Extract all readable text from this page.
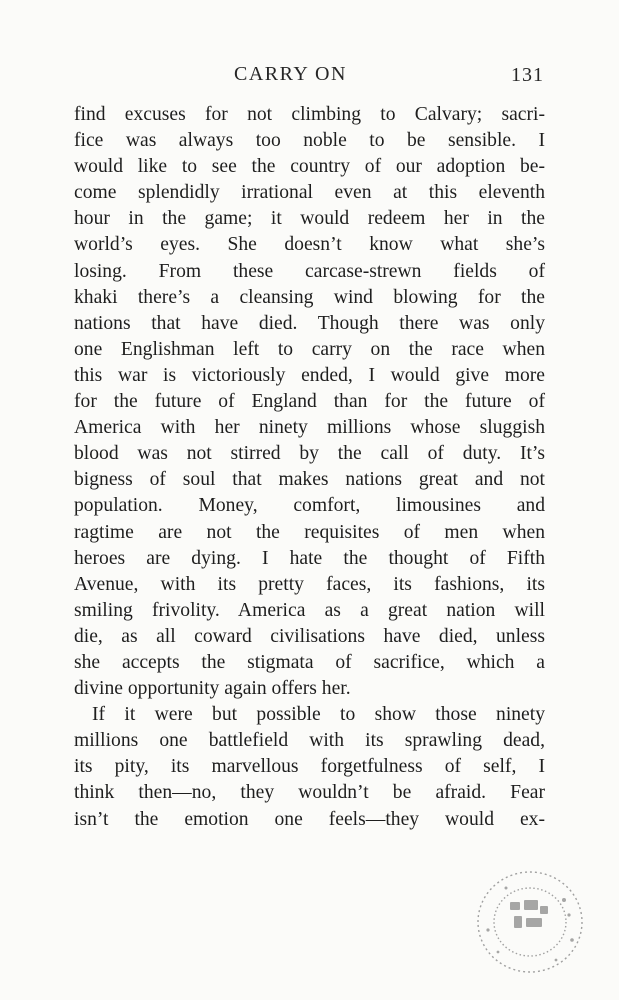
CARRY ON	131
find excuses for not climbing to Calvary; sacri-
fice was always too noble to be sensible. I
would like to see the country of our adoption be-
come splendidly irrational even at this eleventh
hour in the game; it would redeem her in the
world’s eyes. She doesn’t know what she’s
losing. From these carcase-strewn fields of
khaki there’s a cleansing wind blowing for the
nations that have died. Though there was only
one Englishman left to carry on the race when
this war is victoriously ended, I would give more
for the future of England than for the future of
America with her ninety millions whose sluggish
blood was not stirred by the call of duty. It’s
bigness of soul that makes nations great and not
population. Money, comfort, limousines and
ragtime are not the requisites of men when
heroes are dying. I hate the thought of Fifth
Avenue, with its pretty faces, its fashions, its
smiling frivolity. America as a great nation will
die, as all coward civilisations have died, unless
she accepts the stigmata of sacrifice, which a
divine opportunity again offers her.
If it were but possible to show those ninety
millions one battlefield with its sprawling dead,
its pity, its marvellous forgetfulness of self, I
think then—no, they wouldn’t be afraid. Fear
isn’t the emotion one feels—they would ex-
